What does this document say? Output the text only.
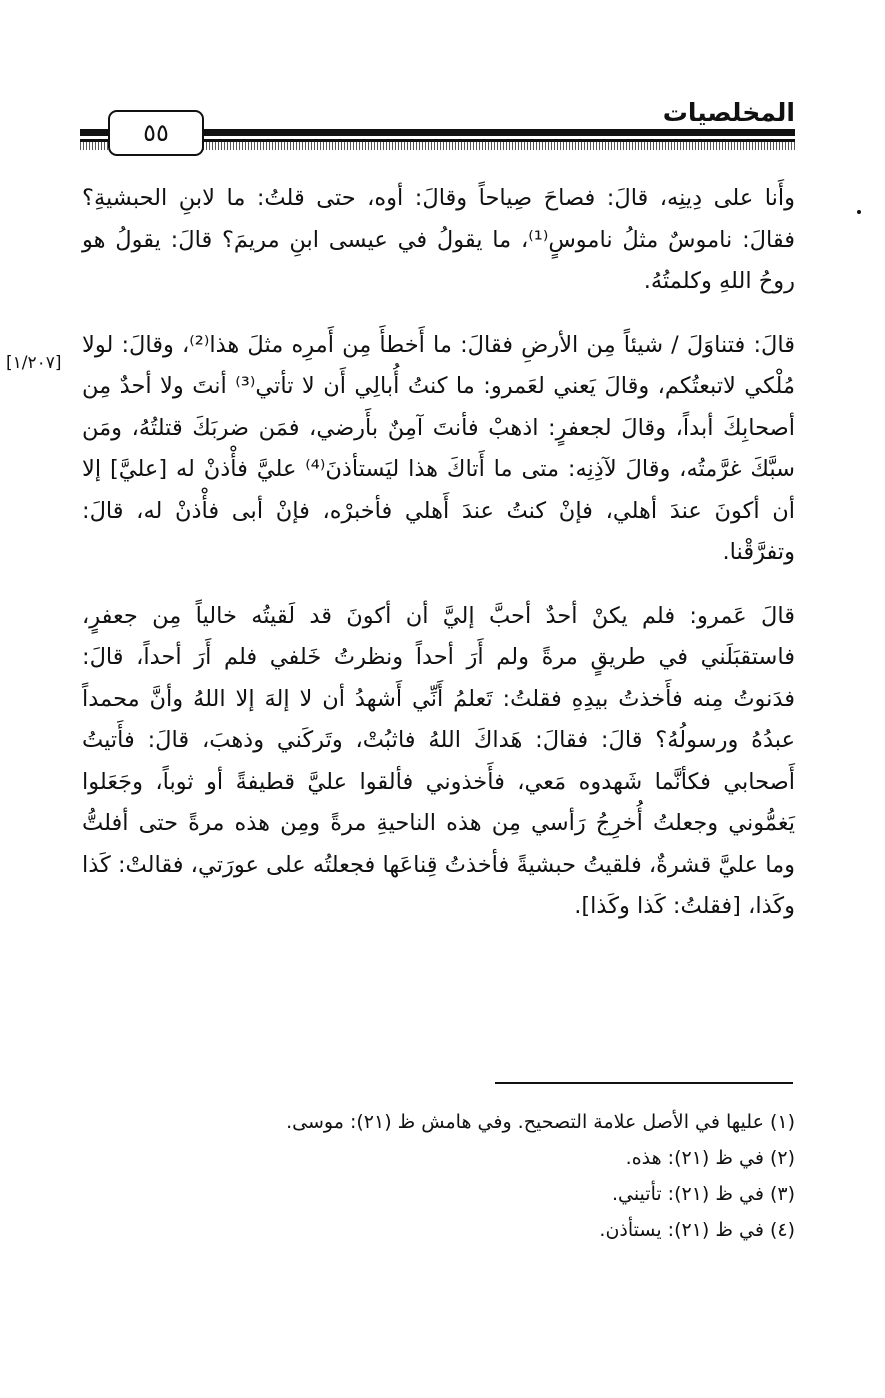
المخلصيات
٥٥
[١/٢٠٧]

وأَنا على دِينِه، قالَ: فصاحَ صِياحاً وقالَ: أوه، حتى قلتُ: ما لابنِ الحبشيةِ؟ فقالَ: ناموسٌ مثلُ ناموسٍ⁽¹⁾، ما يقولُ في عيسى ابنِ مريمَ؟ قالَ: يقولُ هو روحُ اللهِ وكلمتُهُ.

قالَ: فتناوَلَ / شيئاً مِن الأرضِ فقالَ: ما أَخطأَ مِن أَمرِه مثلَ هذا⁽²⁾، وقالَ: لولا مُلْكي لاتبعتُكم، وقالَ يَعني لعَمرو: ما كنتُ أُبالِي أَن لا تأتي⁽³⁾ أنتَ ولا أحدٌ مِن أصحابِكَ أبداً، وقالَ لجعفرٍ: اذهبْ فأنتَ آمِنٌ بأَرضي، فمَن ضربَكَ قتلتُهُ، ومَن سبَّكَ غرَّمتُه، وقالَ لآذِنِه: متى ما أَتاكَ هذا ليَستأذنَ⁽⁴⁾ عليَّ فأْذنْ له [عليَّ] إلا أن أكونَ عندَ أهلي، فإنْ كنتُ عندَ أَهلي فأخبرْه، فإنْ أبى فأْذنْ له، قالَ: وتفرَّقْنا.

قالَ عَمرو: فلم يكنْ أحدٌ أحبَّ إليَّ أن أكونَ قد لَقيتُه خالياً مِن جعفرٍ، فاستقبَلَني في طريقٍ مرةً ولم أَرَ أحداً ونظرتُ خَلفي فلم أَرَ أحداً، قالَ: فدَنوتُ مِنه فأَخذتُ بيدِهِ فقلتُ: تَعلمُ أَنِّي أَشهدُ أن لا إلهَ إلا اللهُ وأنَّ محمداً عبدُهُ ورسولُهُ؟ قالَ: فقالَ: هَداكَ اللهُ فاثبُتْ، وتَركَني وذهبَ، قالَ: فأَتيتُ أَصحابي فكأنَّما شَهدوه مَعي، فأَخذوني فألقوا عليَّ قطيفةً أو ثوباً، وجَعَلوا يَغمُّوني وجعلتُ أُخرِجُ رَأسي مِن هذه الناحيةِ مرةً ومِن هذه مرةً حتى أفلتُّ وما عليَّ قشرةٌ، فلقيتُ حبشيةً فأخذتُ قِناعَها فجعلتُه على عورَتي، فقالتْ: كَذا وكَذا، [فقلتُ: كَذا وكَذا].

(١) عليها في الأصل علامة التصحيح. وفي هامش ظ (٢١): موسى.

(٢) في ظ (٢١): هذه.

(٣) في ظ (٢١): تأتيني.

(٤) في ظ (٢١): يستأذن.
